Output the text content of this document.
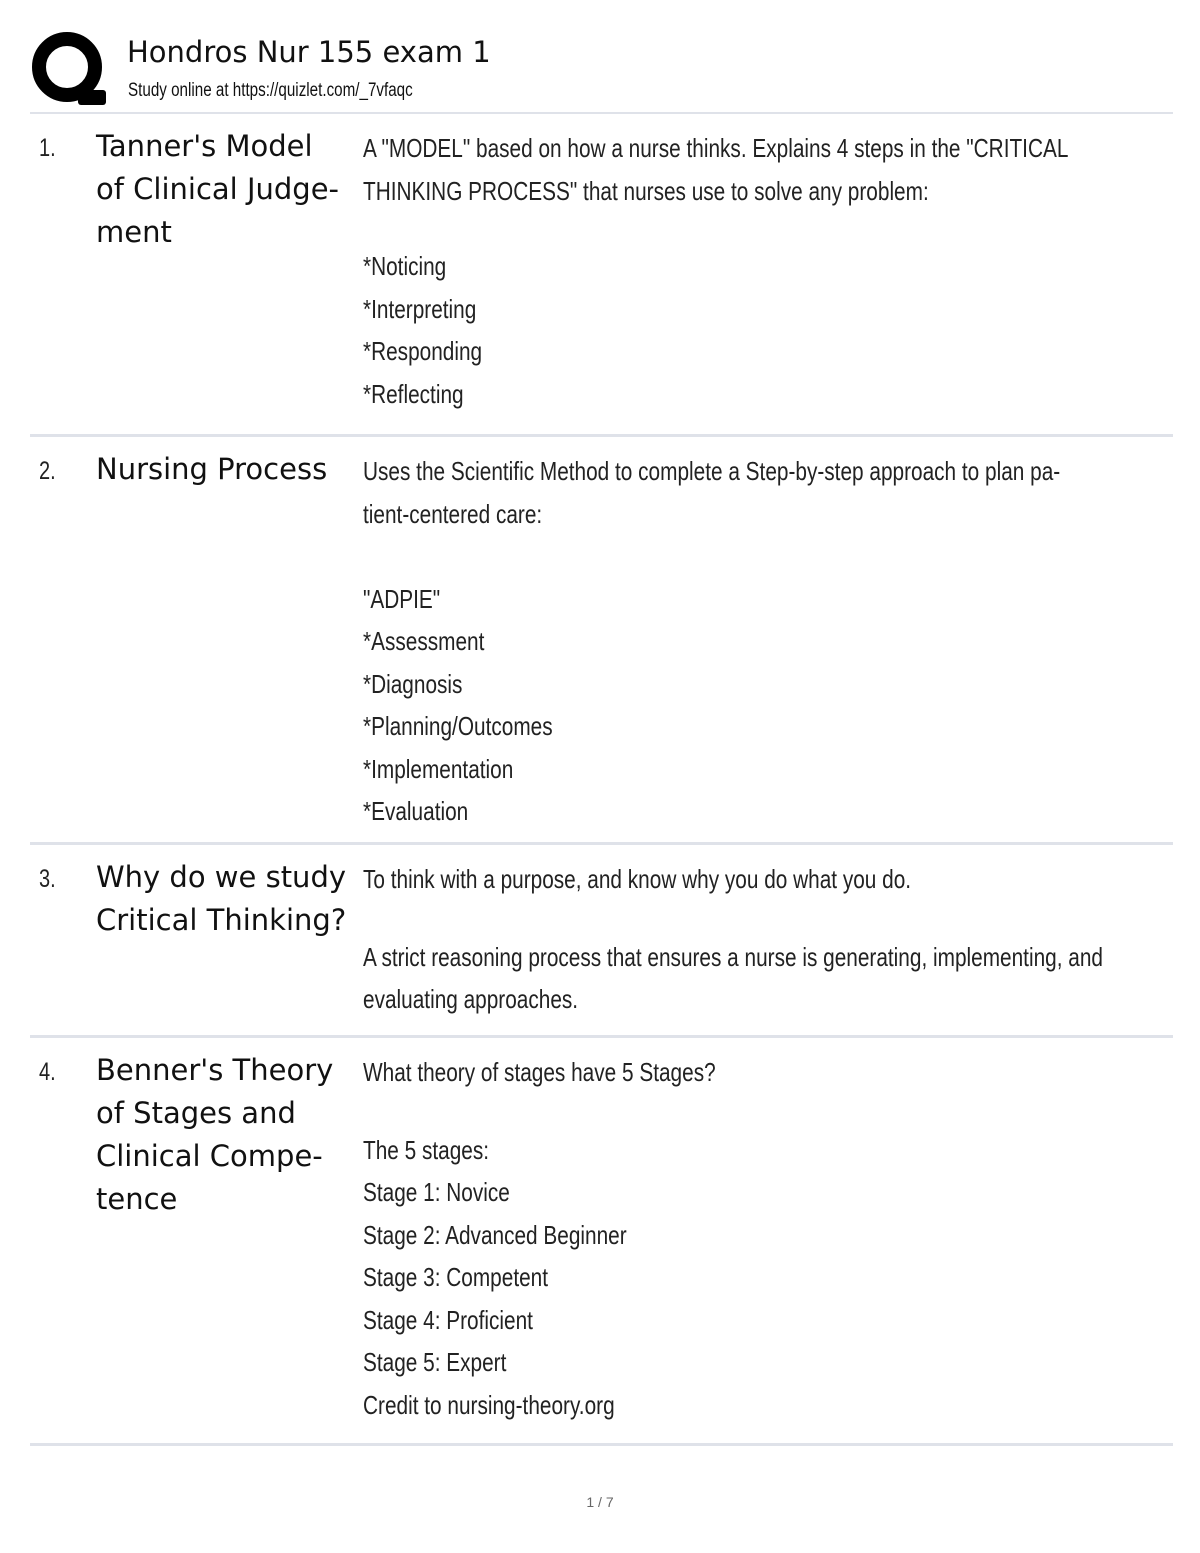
Hondros Nur 155 exam 1
Study online at https://quizlet.com/_7vfaqc
1. Tanner's Model
of Clinical Judge-
ment
A "MODEL" based on how a nurse thinks. Explains 4 steps in the "CRITICAL
THINKING PROCESS" that nurses use to solve any problem:
*Noticing
*Interpreting
*Responding
*Reflecting
2. Nursing Process	Uses the Scientific Method to complete a Step-by-step approach to plan pa-
tient-centered care:
"ADPIE"
*Assessment
*Diagnosis
*Planning/Outcomes
*Implementation
*Evaluation
3. Why do we study
Critical Thinking?
To think with a purpose, and know why you do what you do.
A strict reasoning process that ensures a nurse is generating, implementing, and
evaluating approaches.
4. Benner's Theory
of Stages and
Clinical Compe-
tence
What theory of stages have 5 Stages?
The 5 stages:
Stage 1: Novice
Stage 2: Advanced Beginner
Stage 3: Competent
Stage 4: Proficient
Stage 5: Expert
Credit to nursing-theory.org
1 / 7
